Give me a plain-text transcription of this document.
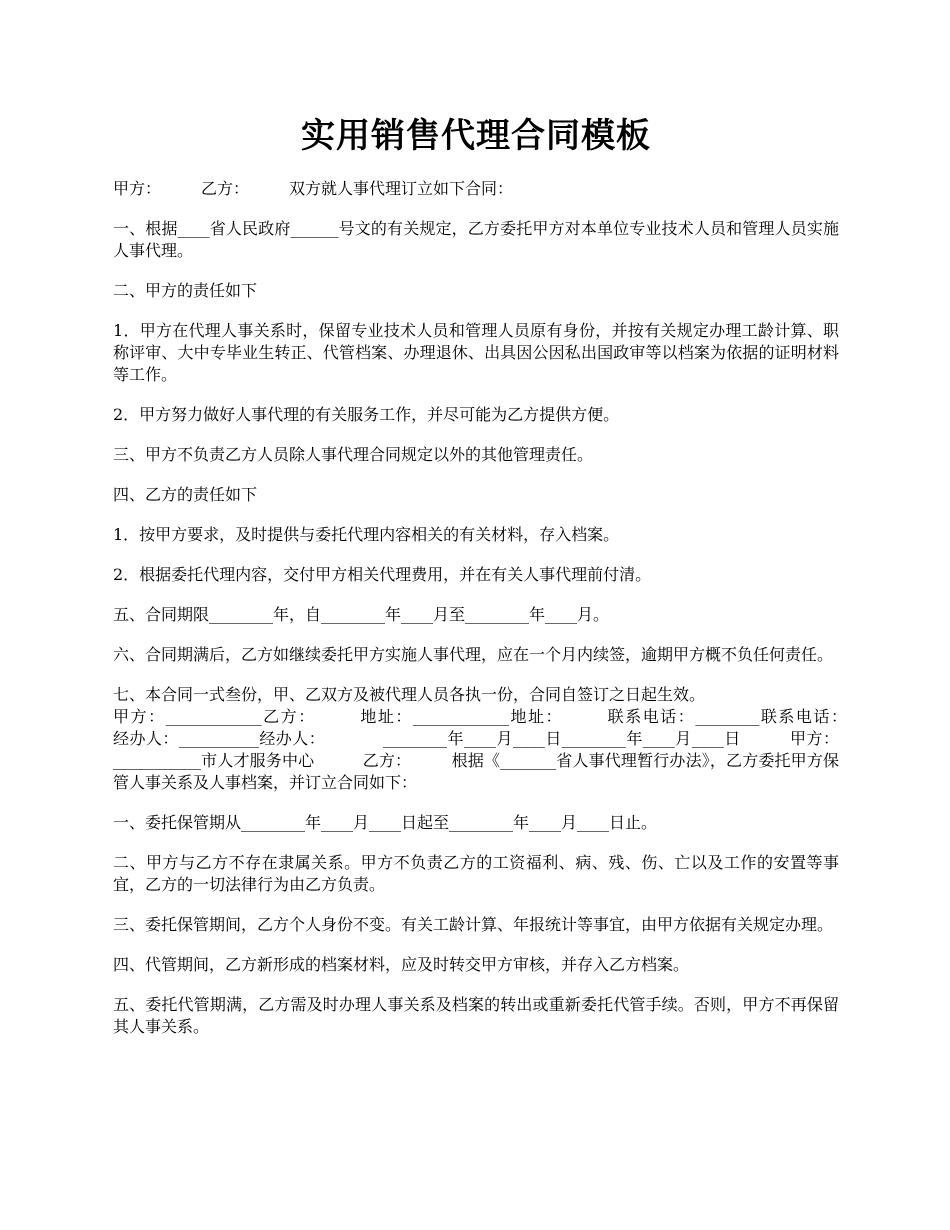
实用销售代理合同模板

甲方：　　　乙方：　　　双方就人事代理订立如下合同：

一、根据____省人民政府______号文的有关规定，乙方委托甲方对本单位专业技术人员和管理人员实施人事代理。

二、甲方的责任如下

1．甲方在代理人事关系时，保留专业技术人员和管理人员原有身份，并按有关规定办理工龄计算、职称评审、大中专毕业生转正、代管档案、办理退休、出具因公因私出国政审等以档案为依据的证明材料等工作。

2．甲方努力做好人事代理的有关服务工作，并尽可能为乙方提供方便。

三、甲方不负责乙方人员除人事代理合同规定以外的其他管理责任。

四、乙方的责任如下

1．按甲方要求，及时提供与委托代理内容相关的有关材料，存入档案。

2．根据委托代理内容，交付甲方相关代理费用，并在有关人事代理前付清。

五、合同期限________年，自________年____月至________年____月。

六、合同期满后，乙方如继续委托甲方实施人事代理，应在一个月内续签，逾期甲方概不负任何责任。

七、本合同一式叁份，甲、乙双方及被代理人员各执一份，合同自签订之日起生效。

甲方：____________乙方：　　　地址：____________地址：　　　联系电话：________联系电话：　　　经办人：__________经办人：　　　　________年____月____日________年____月____日　　　甲方：___________市人才服务中心　　　乙方：　　　根据《_______省人事代理暂行办法》，乙方委托甲方保管人事关系及人事档案，并订立合同如下：

一、委托保管期从________年____月____日起至________年____月____日止。

二、甲方与乙方不存在隶属关系。甲方不负责乙方的工资福利、病、残、伤、亡以及工作的安置等事宜，乙方的一切法律行为由乙方负责。

三、委托保管期间，乙方个人身份不变。有关工龄计算、年报统计等事宜，由甲方依据有关规定办理。

四、代管期间，乙方新形成的档案材料，应及时转交甲方审核，并存入乙方档案。

五、委托代管期满，乙方需及时办理人事关系及档案的转出或重新委托代管手续。否则，甲方不再保留其人事关系。
